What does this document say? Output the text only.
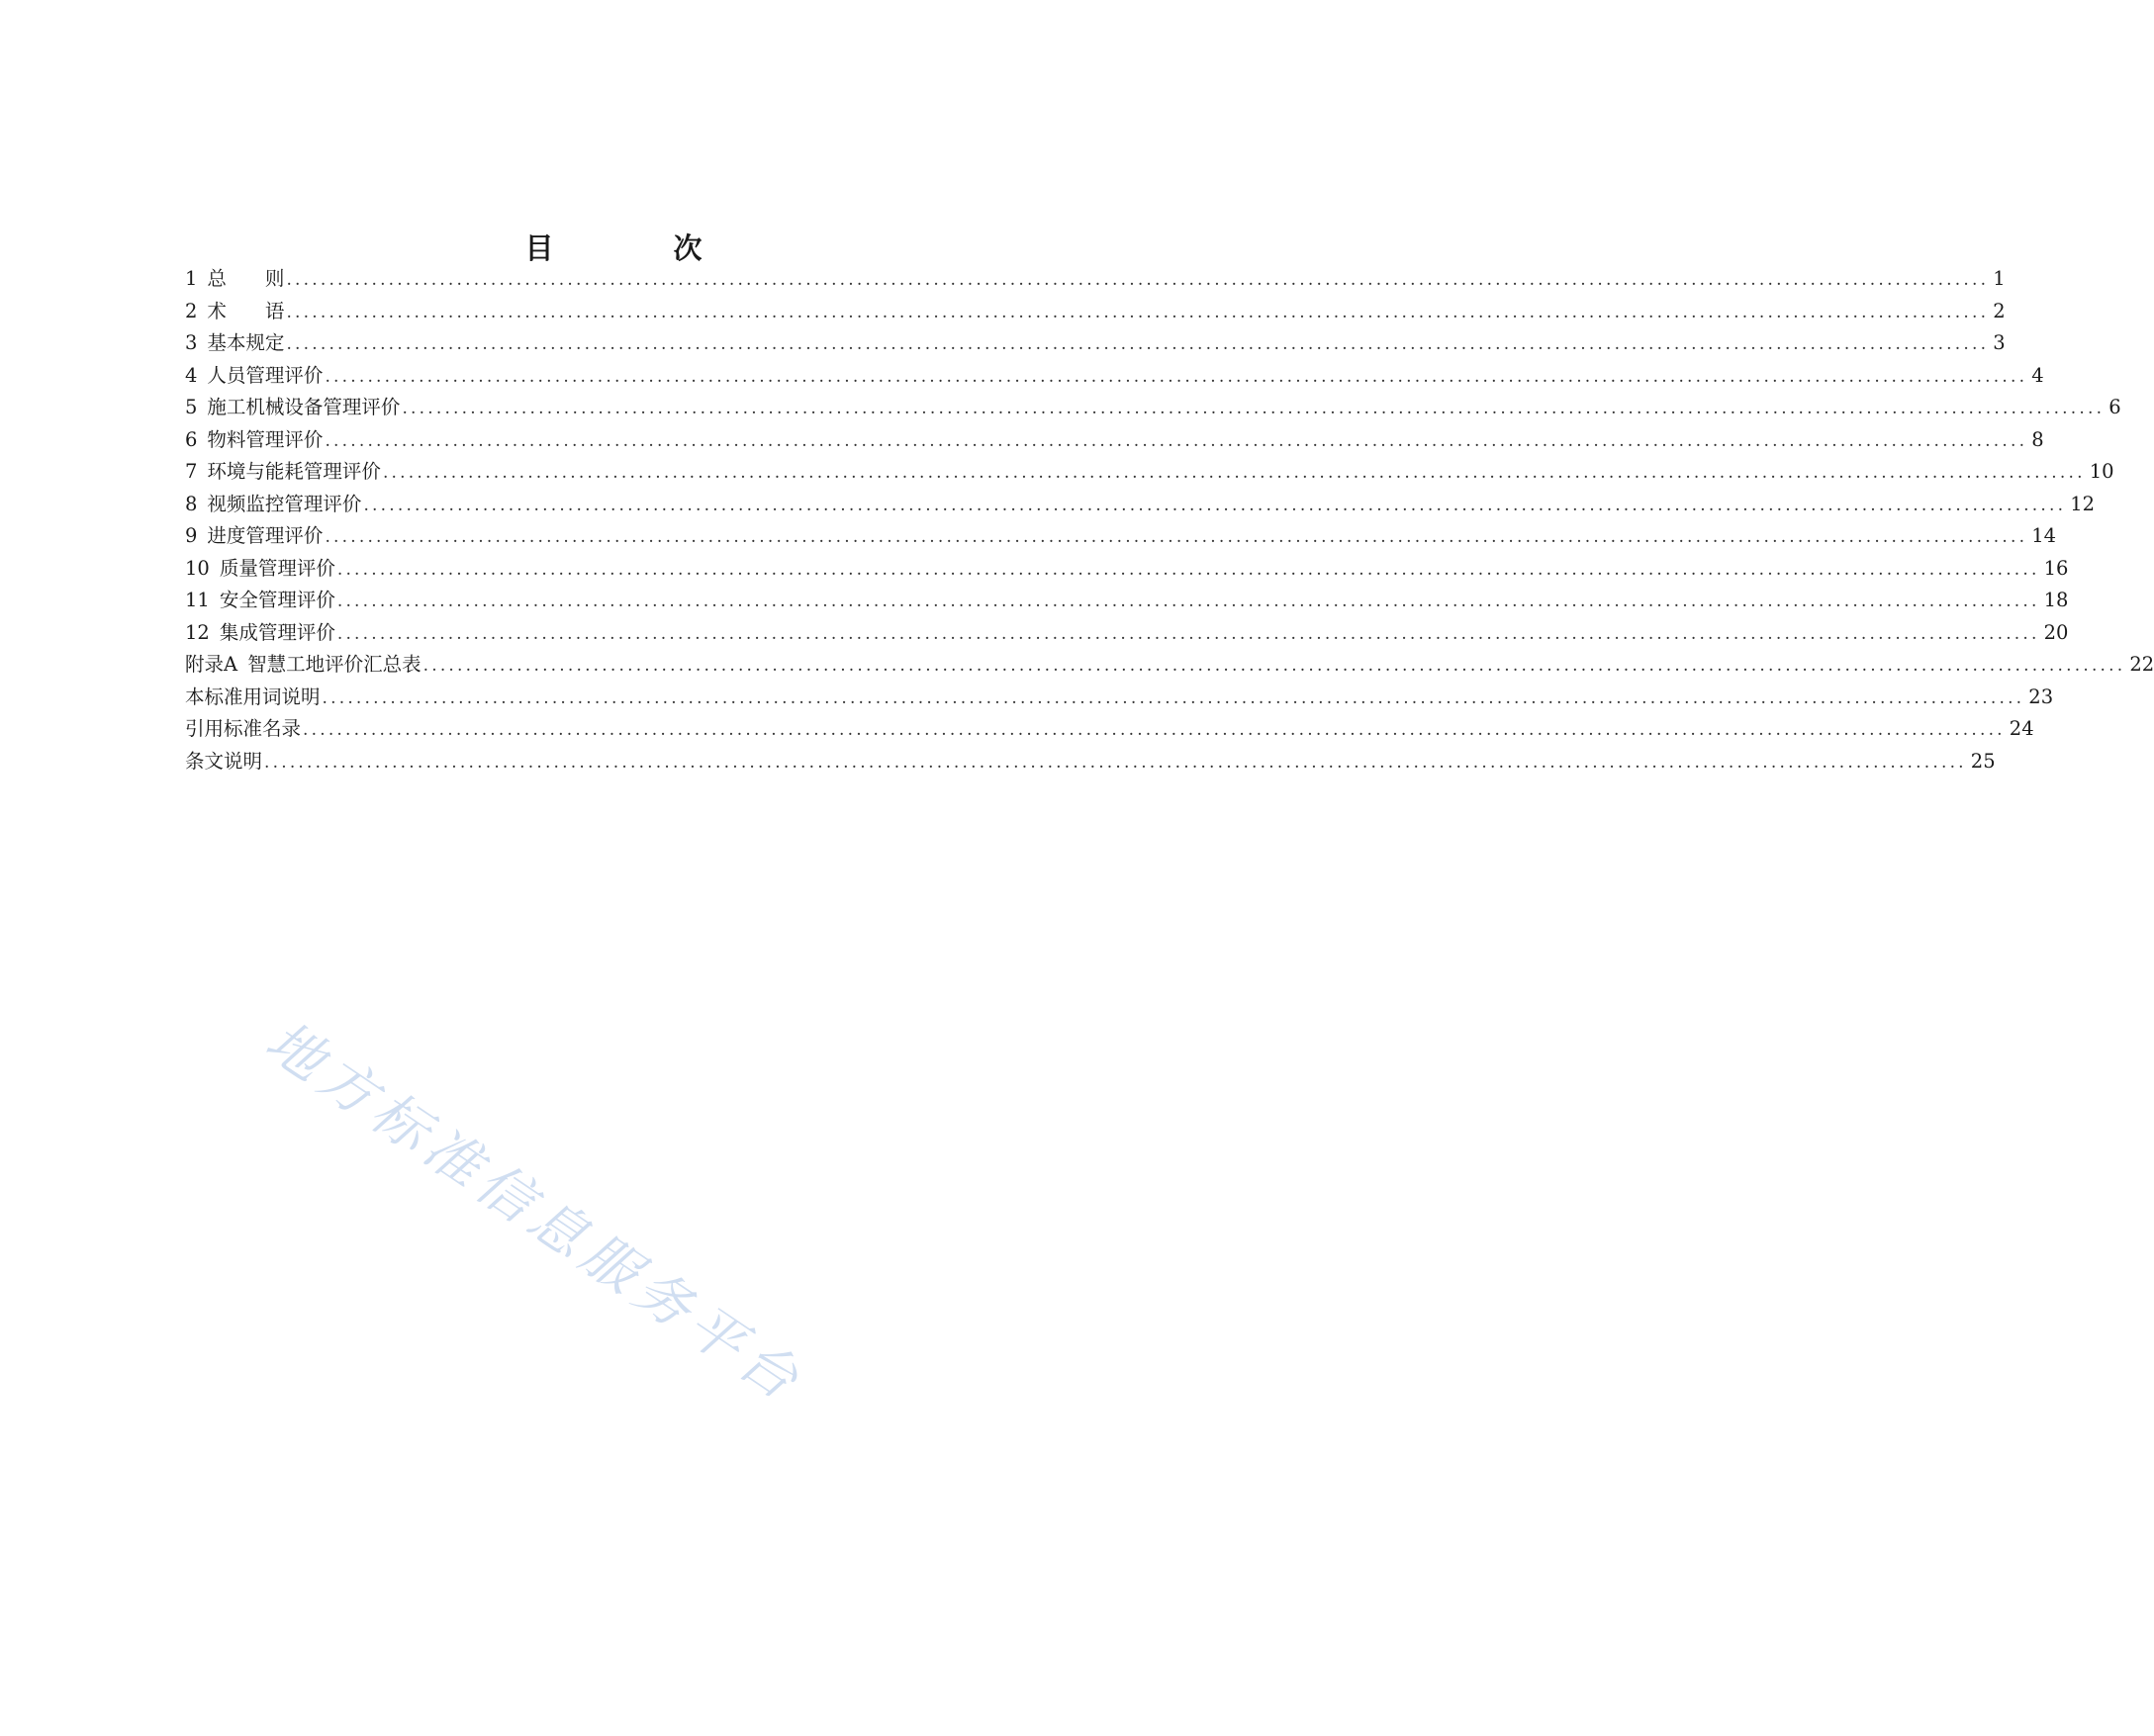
目　次
1 总　　则 ........................................................................................................................................................................................................ 1
2 术　　语 ........................................................................................................................................................................................................ 2
3 基本规定 ........................................................................................................................................................................................................ 3
4 人员管理评价 ........................................................................................................................................................................................................ 4
5 施工机械设备管理评价 ........................................................................................................................................................................................................ 6
6 物料管理评价 ........................................................................................................................................................................................................ 8
7 环境与能耗管理评价 ........................................................................................................................................................................................................ 10
8 视频监控管理评价 ........................................................................................................................................................................................................ 12
9 进度管理评价 ........................................................................................................................................................................................................ 14
10 质量管理评价 ........................................................................................................................................................................................................ 16
11 安全管理评价 ........................................................................................................................................................................................................ 18
12 集成管理评价 ........................................................................................................................................................................................................ 20
附录A 智慧工地评价汇总表 ........................................................................................................................................................................................................ 22
本标准用词说明 ........................................................................................................................................................................................................ 23
引用标准名录 ........................................................................................................................................................................................................ 24
条文说明 ........................................................................................................................................................................................................ 25
地方标准信息服务平台
